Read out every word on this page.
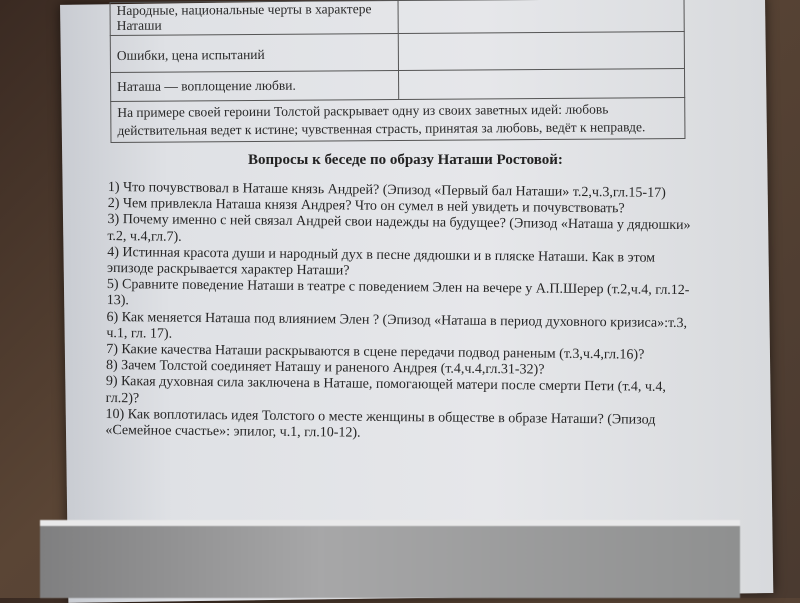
Народные, национальные черты в характере Наташи	
Ошибки, цена испытаний	
Наташа — воплощение любви.	
На примере своей героини Толстой раскрывает одну из своих заветных идей: любовь действительная ведет к истине; чувственная страсть, принятая за любовь, ведёт к неправде.	
Вопросы к беседе по образу Наташи Ростовой:

1) Что почувствовал в Наташе князь Андрей? (Эпизод «Первый бал Наташи» т.2,ч.3,гл.15-17)

2) Чем привлекла Наташа князя Андрея? Что он сумел в ней увидеть и почувствовать?

3) Почему именно с ней связал Андрей свои надежды на будущее? (Эпизод «Наташа у дядюшки» т.2, ч.4,гл.7).

4) Истинная красота души и народный дух в песне дядюшки и в пляске Наташи. Как в этом эпизоде раскрывается характер Наташи?

5) Сравните поведение Наташи в театре с поведением Элен на вечере у А.П.Шерер (т.2,ч.4, гл.12-13).

6) Как меняется Наташа под влиянием Элен ? (Эпизод «Наташа в период духовного кризиса»:т.3, ч.1, гл. 17).

7) Какие качества Наташи раскрываются в сцене передачи подвод раненым (т.3,ч.4,гл.16)?

8) Зачем Толстой соединяет Наташу и раненого Андрея (т.4,ч.4,гл.31-32)?

9) Какая духовная сила заключена в Наташе, помогающей матери после смерти Пети (т.4, ч.4, гл.2)?

10) Как воплотилась идея Толстого о месте женщины в обществе в образе Наташи? (Эпизод «Семейное счастье»: эпилог, ч.1, гл.10-12).
